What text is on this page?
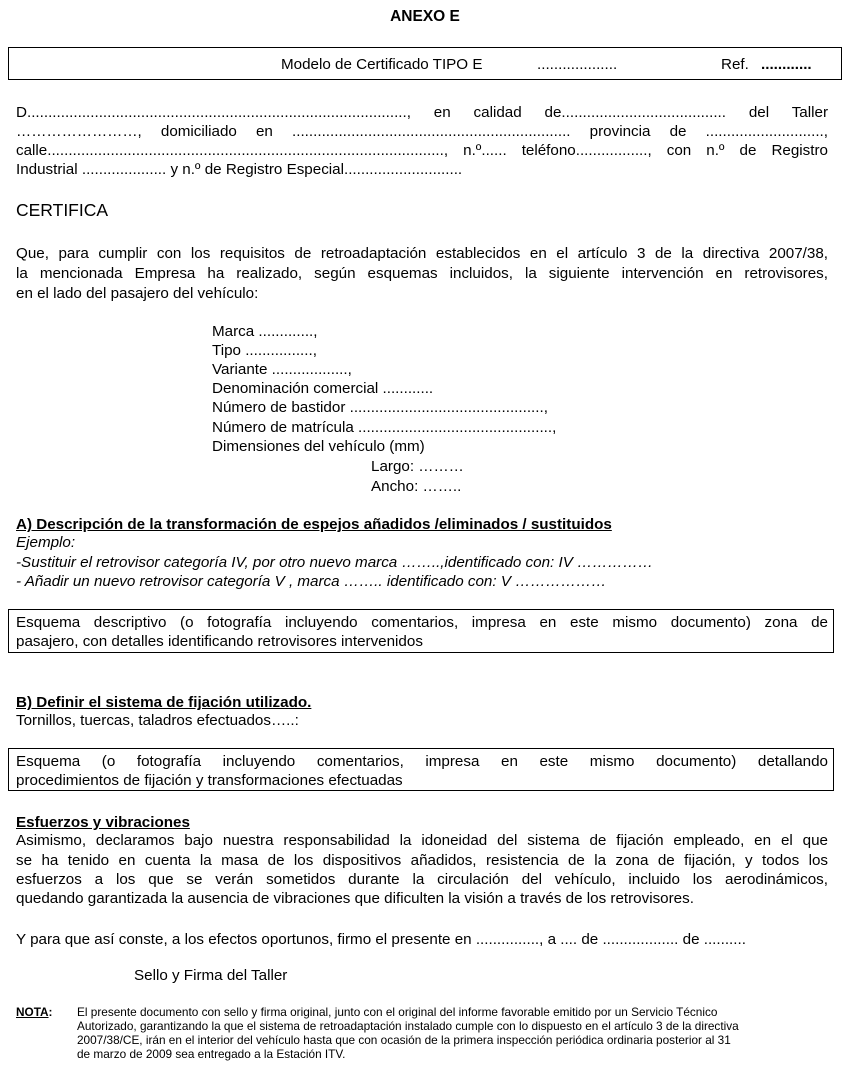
ANEXO E
Modelo de Certificado TIPO E	...................	Ref. ............
D.........................................................................................., en calidad de....................................... del Taller
……………………, domiciliado en .................................................................. provincia de ............................,
calle.............................................................................................., n.º...... teléfono................., con n.º de Registro
Industrial .................... y n.º de Registro Especial............................
CERTIFICA
Que, para cumplir con los requisitos de retroadaptación establecidos en el artículo 3 de la directiva 2007/38,
la mencionada Empresa ha realizado, según esquemas incluidos, la siguiente intervención en retrovisores,
en el lado del pasajero del vehículo:
Marca .............,
Tipo ................,
Variante ..................,
Denominación comercial ............
Número de bastidor ..............................................,
Número de matrícula ..............................................,
Dimensiones del vehículo (mm)
Largo: ………
Ancho: ……..
A) Descripción de la transformación de espejos añadidos /eliminados / sustituidos
Ejemplo:
-Sustituir el retrovisor categoría IV, por otro nuevo marca ……..,identificado con: IV ……………
- Añadir un nuevo retrovisor categoría V , marca …….. identificado con: V ………………
Esquema descriptivo (o fotografía incluyendo comentarios, impresa en este mismo documento) zona de
pasajero, con detalles identificando retrovisores intervenidos
B) Definir el sistema de fijación utilizado.
Tornillos, tuercas, taladros efectuados…..:
Esquema (o fotografía incluyendo comentarios, impresa en este mismo documento) detallando
procedimientos de fijación y transformaciones efectuadas
Esfuerzos y vibraciones
Asimismo, declaramos bajo nuestra responsabilidad la idoneidad del sistema de fijación empleado, en el que
se ha tenido en cuenta la masa de los dispositivos añadidos, resistencia de la zona de fijación, y todos los
esfuerzos a los que se verán sometidos durante la circulación del vehículo, incluido los aerodinámicos,
quedando garantizada la ausencia de vibraciones que dificulten la visión a través de los retrovisores.
Y para que así conste, a los efectos oportunos, firmo el presente en ..............., a .... de .................. de ..........
Sello y Firma del Taller
NOTA: El presente documento con sello y firma original, junto con el original del informe favorable emitido por un Servicio Técnico
Autorizado, garantizando la que el sistema de retroadaptación instalado cumple con lo dispuesto en el artículo 3 de la directiva
2007/38/CE, irán en el interior del vehículo hasta que con ocasión de la primera inspección periódica ordinaria posterior al 31
de marzo de 2009 sea entregado a la Estación ITV.
